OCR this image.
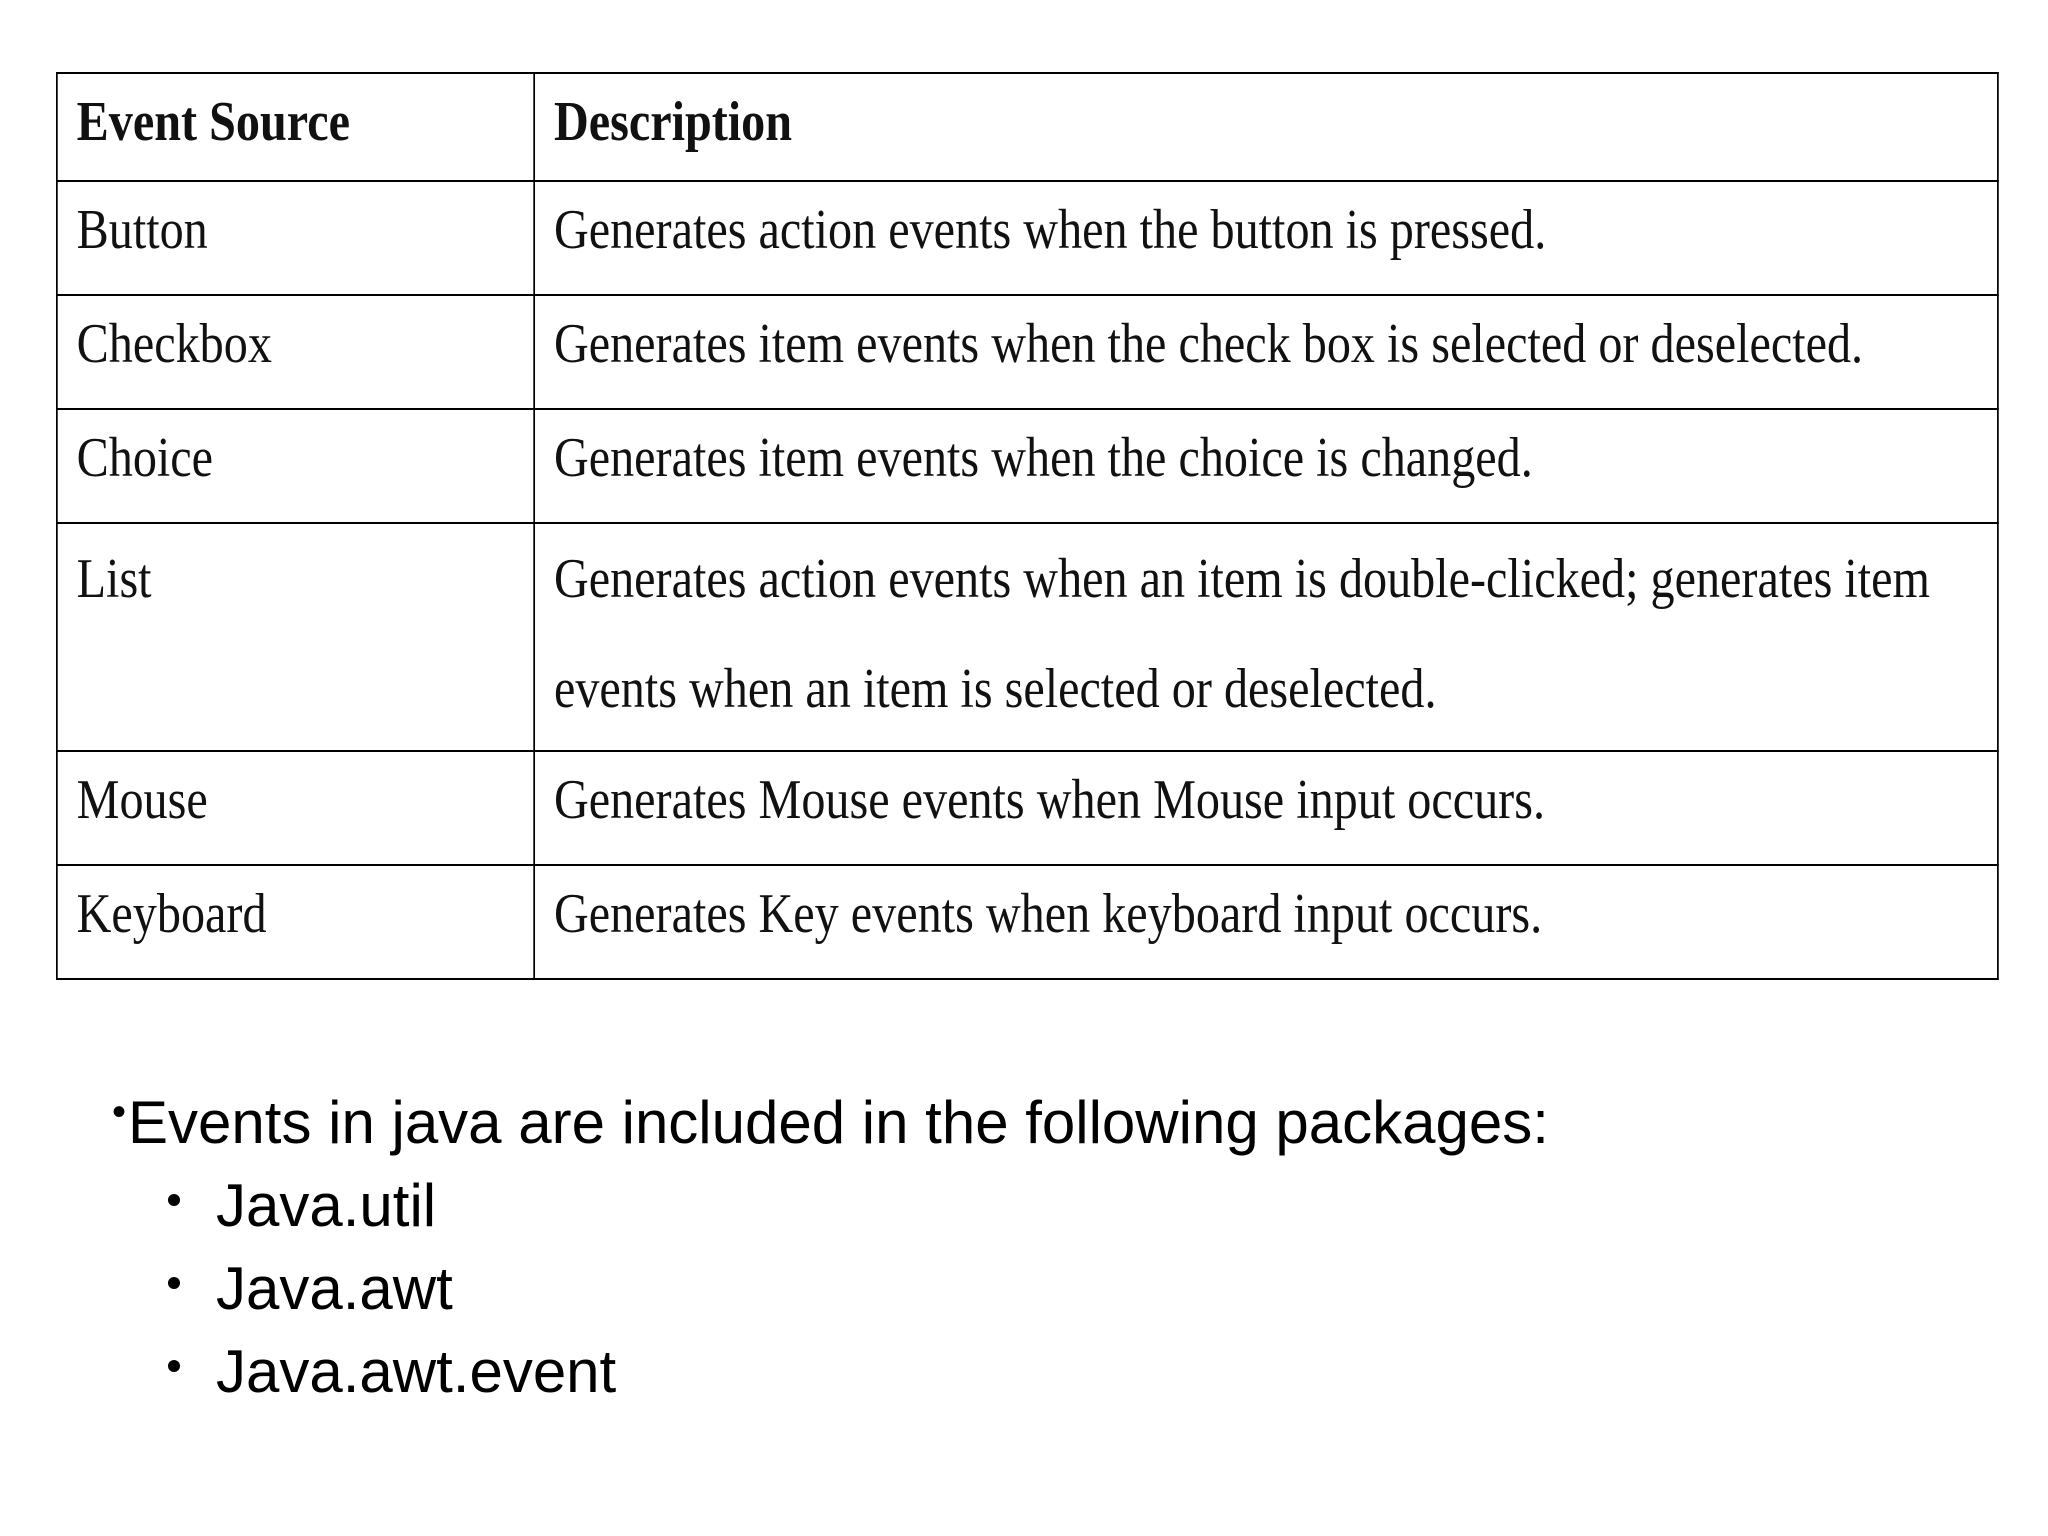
Event Source	Description
Button	Generates action events when the button is pressed.
Checkbox	Generates item events when the check box is selected or deselected.
Choice	Generates item events when the choice is changed.
List	Generates action events when an item is double-clicked; generates item events when an item is selected or deselected.
Mouse	Generates Mouse events when Mouse input occurs.
Keyboard	Generates Key events when keyboard input occurs.
• Events in java are included in the following packages:
Java.util
Java.awt
Java.awt.event
